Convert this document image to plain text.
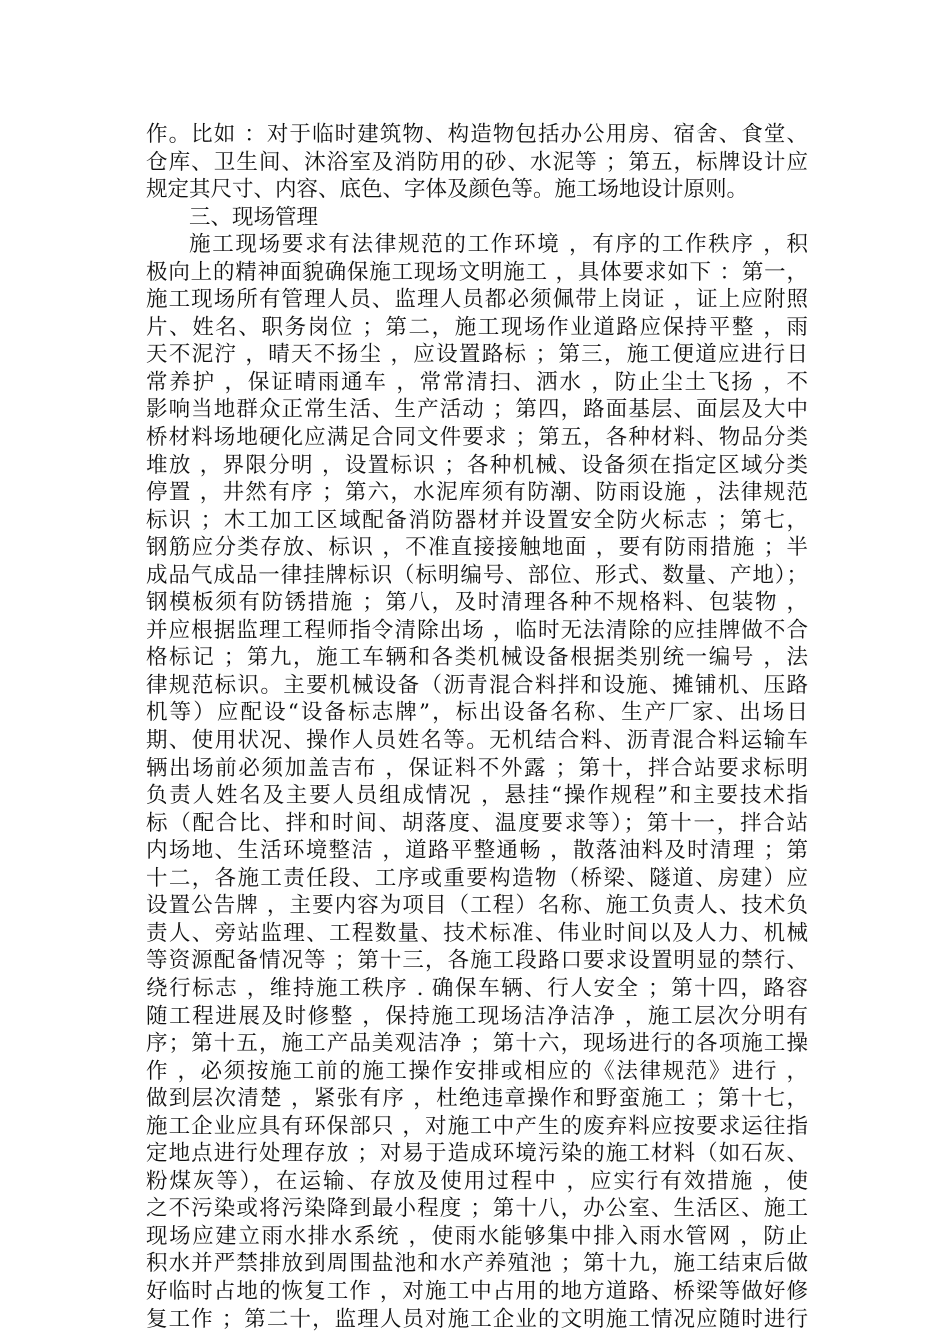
作。比如 ：对于临时建筑物、构造物包括办公用房、宿舍、食堂、
仓库、卫生间、沐浴室及消防用的砂、水泥等 ；第五，标牌设计应
规定其尺寸、内容、底色、字体及颜色等。施工场地设计原则。
三、现场管理
施工现场要求有法律规范的工作环境 ，有序的工作秩序 ，积
极向上的精神面貌确保施工现场文明施工 ，具体要求如下 ：第一，
施工现场所有管理人员、监理人员都必须佩带上岗证 ，证上应附照
片、姓名、职务岗位 ；第二，施工现场作业道路应保持平整 ，雨
天不泥泞 ，晴天不扬尘 ，应设置路标 ；第三，施工便道应进行日
常养护 ，保证晴雨通车 ，常常清扫、洒水 ，防止尘土飞扬 ，不
影响当地群众正常生活、生产活动 ；第四，路面基层、面层及大中
桥材料场地硬化应满足合同文件要求 ；第五，各种材料、物品分类
堆放 ，界限分明 ，设置标识 ；各种机械、设备须在指定区域分类
停置 ，井然有序 ；第六，水泥库须有防潮、防雨设施 ，法律规范
标识 ；木工加工区域配备消防器材并设置安全防火标志 ；第七，
钢筋应分类存放、标识 ，不准直接接触地面 ，要有防雨措施 ；半
成品气成品一律挂牌标识（标明编号、部位、形式、数量、产地）；
钢模板须有防锈措施 ；第八，及时清理各种不规格料、包装物 ，
并应根据监理工程师指令清除出场 ，临时无法清除的应挂牌做不合
格标记 ；第九，施工车辆和各类机械设备根据类别统一编号 ，法
律规范标识。主要机械设备（沥青混合料拌和设施、摊铺机、压路
机等）应配设“设备标志牌”，标出设备名称、生产厂家、出场日
期、使用状况、操作人员姓名等。无机结合料、沥青混合料运输车
辆出场前必须加盖吉布 ，保证料不外露 ；第十，拌合站要求标明
负责人姓名及主要人员组成情况 ，悬挂“操作规程”和主要技术指
标（配合比、拌和时间、胡落度、温度要求等）；第十一，拌合站
内场地、生活环境整洁 ，道路平整通畅 ，散落油料及时清理 ；第
十二，各施工责任段、工序或重要构造物（桥梁、隧道、房建）应
设置公告牌 ，主要内容为项目（工程）名称、施工负责人、技术负
责人、旁站监理、工程数量、技术标准、伟业时间以及人力、机械
等资源配备情况等 ；第十三，各施工段路口要求设置明显的禁行、
绕行标志 ，维持施工秩序 . 确保车辆、行人安全 ；第十四，路容
随工程进展及时修整 ，保持施工现场洁净洁净 ，施工层次分明有
序；第十五，施工产品美观洁净 ；第十六，现场进行的各项施工操
作 ，必须按施工前的施工操作安排或相应的《法律规范》进行 ，
做到层次清楚 ，紧张有序 ，杜绝违章操作和野蛮施工 ；第十七，
施工企业应具有环保部只 ，对施工中产生的废弃料应按要求运往指
定地点进行处理存放 ；对易于造成环境污染的施工材料（如石灰、
粉煤灰等），在运输、存放及使用过程中 ，应实行有效措施 ，使
之不污染或将污染降到最小程度 ；第十八，办公室、生活区、施工
现场应建立雨水排水系统 ，使雨水能够集中排入雨水管网 ，防止
积水并严禁排放到周围盐池和水产养殖池 ；第十九，施工结束后做
好临时占地的恢复工作 ，对施工中占用的地方道路、桥梁等做好修
复工作 ；第二十，监理人员对施工企业的文明施工情况应随时进行
